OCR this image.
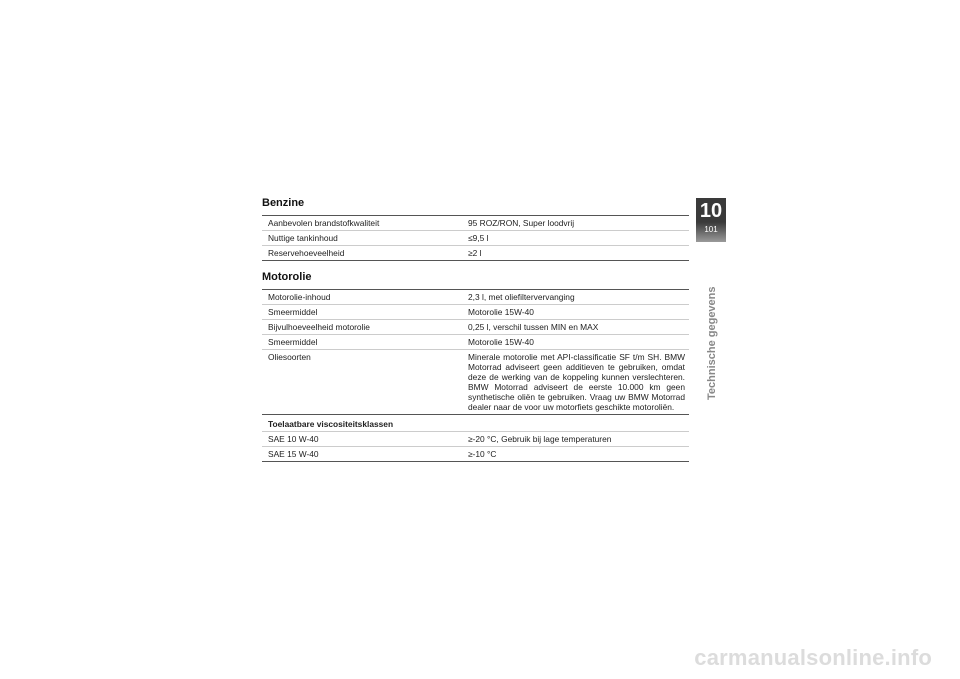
Benzine
Aanbevolen brandstofkwaliteit	95 ROZ/RON, Super loodvrij
Nuttige tankinhoud	≤9,5 l
Reservehoeveelheid	≥2 l
Motorolie
Motorolie-inhoud	2,3 l, met oliefiltervervanging
Smeermiddel	Motorolie 15W-40
Bijvulhoeveelheid motorolie	0,25 l, verschil tussen MIN en MAX
Smeermiddel	Motorolie 15W-40
Oliesoorten	Minerale motorolie met API-classificatie SF t/m SH. BMW Motorrad adviseert geen additieven te gebruiken, omdat deze de werking van de koppeling kunnen verslechteren. BMW Motorrad adviseert de eerste 10.000 km geen synthetische oliën te gebruiken. Vraag uw BMW Motorrad dealer naar de voor uw motorfiets geschikte motoroliën.
Toelaatbare viscositeitsklassen
SAE 10 W-40	≥-20 °C, Gebruik bij lage temperaturen
SAE 15 W-40	≥-10 °C
10
101
Technische gegevens
carmanualsonline.info
